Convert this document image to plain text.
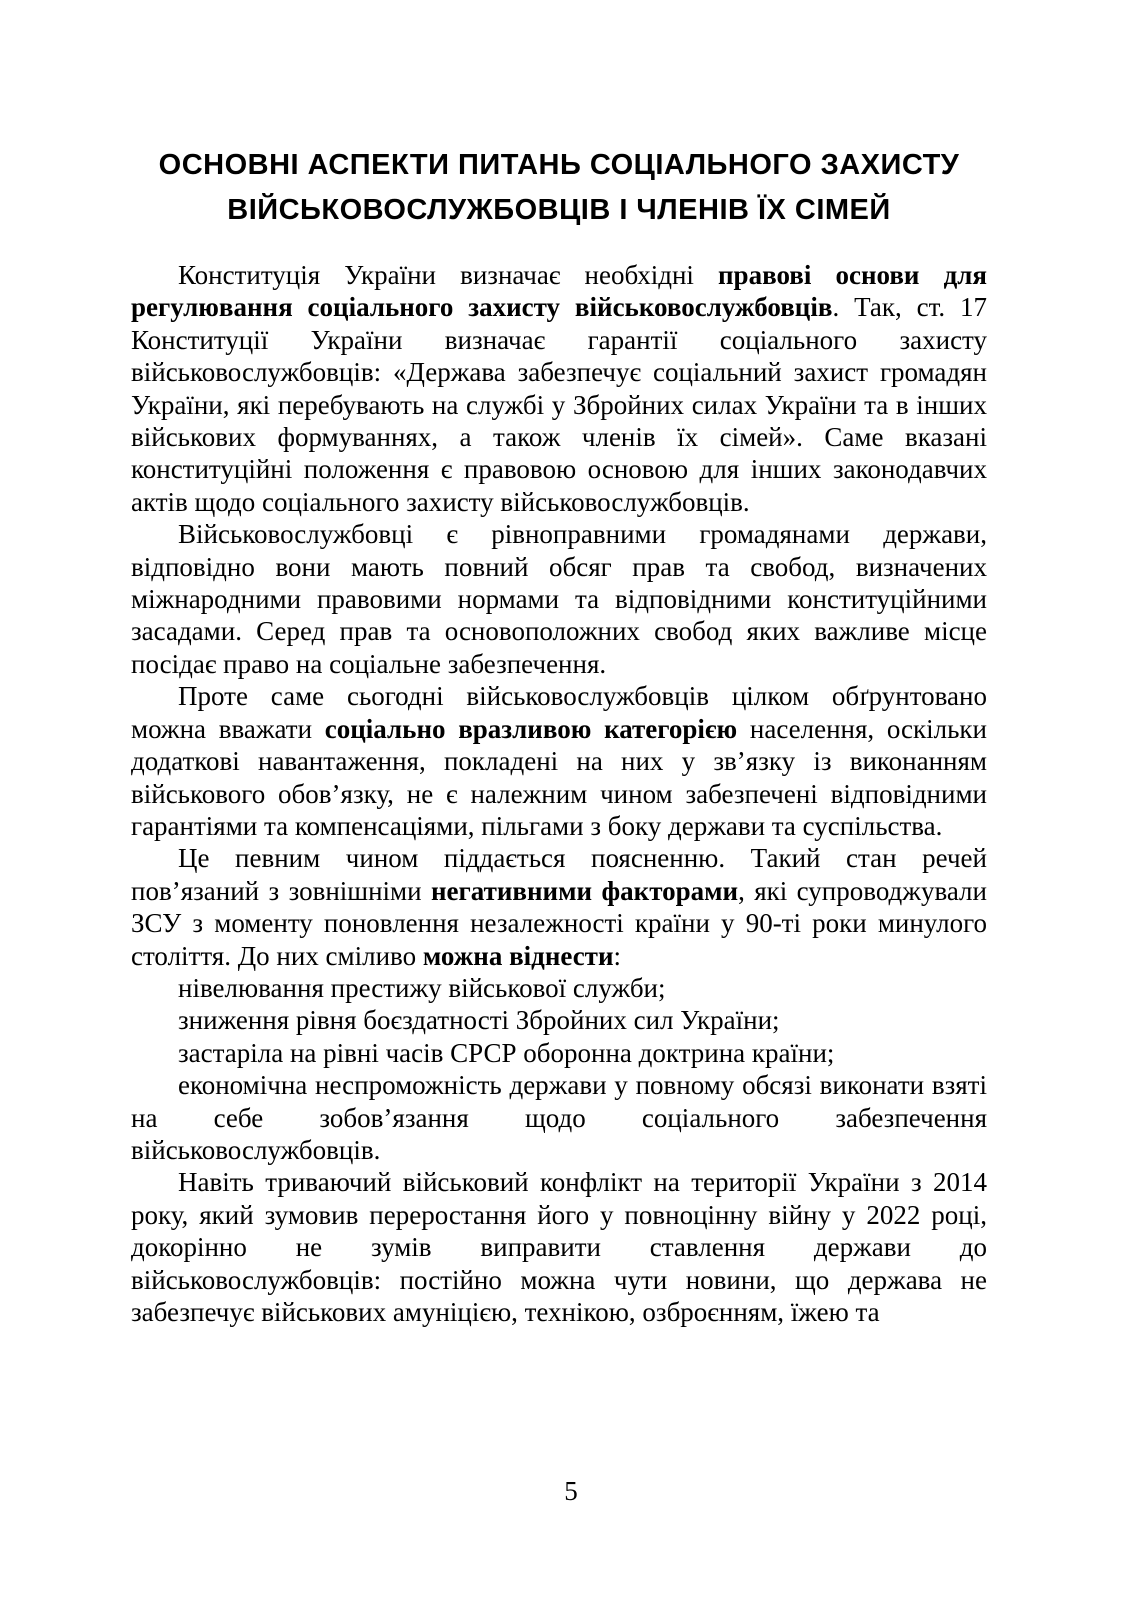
ОСНОВНІ АСПЕКТИ ПИТАНЬ СОЦІАЛЬНОГО ЗАХИСТУ ВІЙСЬКОВОСЛУЖБОВЦІВ І ЧЛЕНІВ ЇХ СІМЕЙ

Конституція України визначає необхідні правові основи для регулювання соціального захисту військовослужбовців. Так, ст. 17 Конституції України визначає гарантії соціального захисту військовослужбовців: «Держава забезпечує соціальний захист громадян України, які перебувають на службі у Збройних силах України та в інших військових формуваннях, а також членів їх сімей». Саме вказані конституційні положення є правовою основою для інших законодавчих актів щодо соціального захисту військовослужбовців.

Військовослужбовці є рівноправними громадянами держави, відповідно вони мають повний обсяг прав та свобод, визначених міжнародними правовими нормами та відповідними конституційними засадами. Серед прав та основоположних свобод яких важливе місце посідає право на соціальне забезпечення.

Проте саме сьогодні військовослужбовців цілком обґрунтовано можна вважати соціально вразливою категорією населення, оскільки додаткові навантаження, покладені на них у зв’язку із виконанням військового обов’язку, не є належним чином забезпечені відповідними гарантіями та компенсаціями, пільгами з боку держави та суспільства.

Це певним чином піддається поясненню. Такий стан речей пов’язаний з зовнішніми негативними факторами, які супроводжували ЗСУ з моменту поновлення незалежності країни у 90-ті роки минулого століття. До них сміливо можна віднести:

нівелювання престижу військової служби;

зниження рівня боєздатності Збройних сил України;

застаріла на рівні часів СРСР оборонна доктрина країни;

економічна неспроможність держави у повному обсязі виконати взяті на себе зобов’язання щодо соціального забезпечення військовослужбовців.

Навіть триваючий військовий конфлікт на території України з 2014 року, який зумовив переростання його у повноцінну війну у 2022 році, докорінно не зумів виправити ставлення держави до військовослужбовців: постійно можна чути новини, що держава не забезпечує військових амуніцією, технікою, озброєнням, їжею та

5
